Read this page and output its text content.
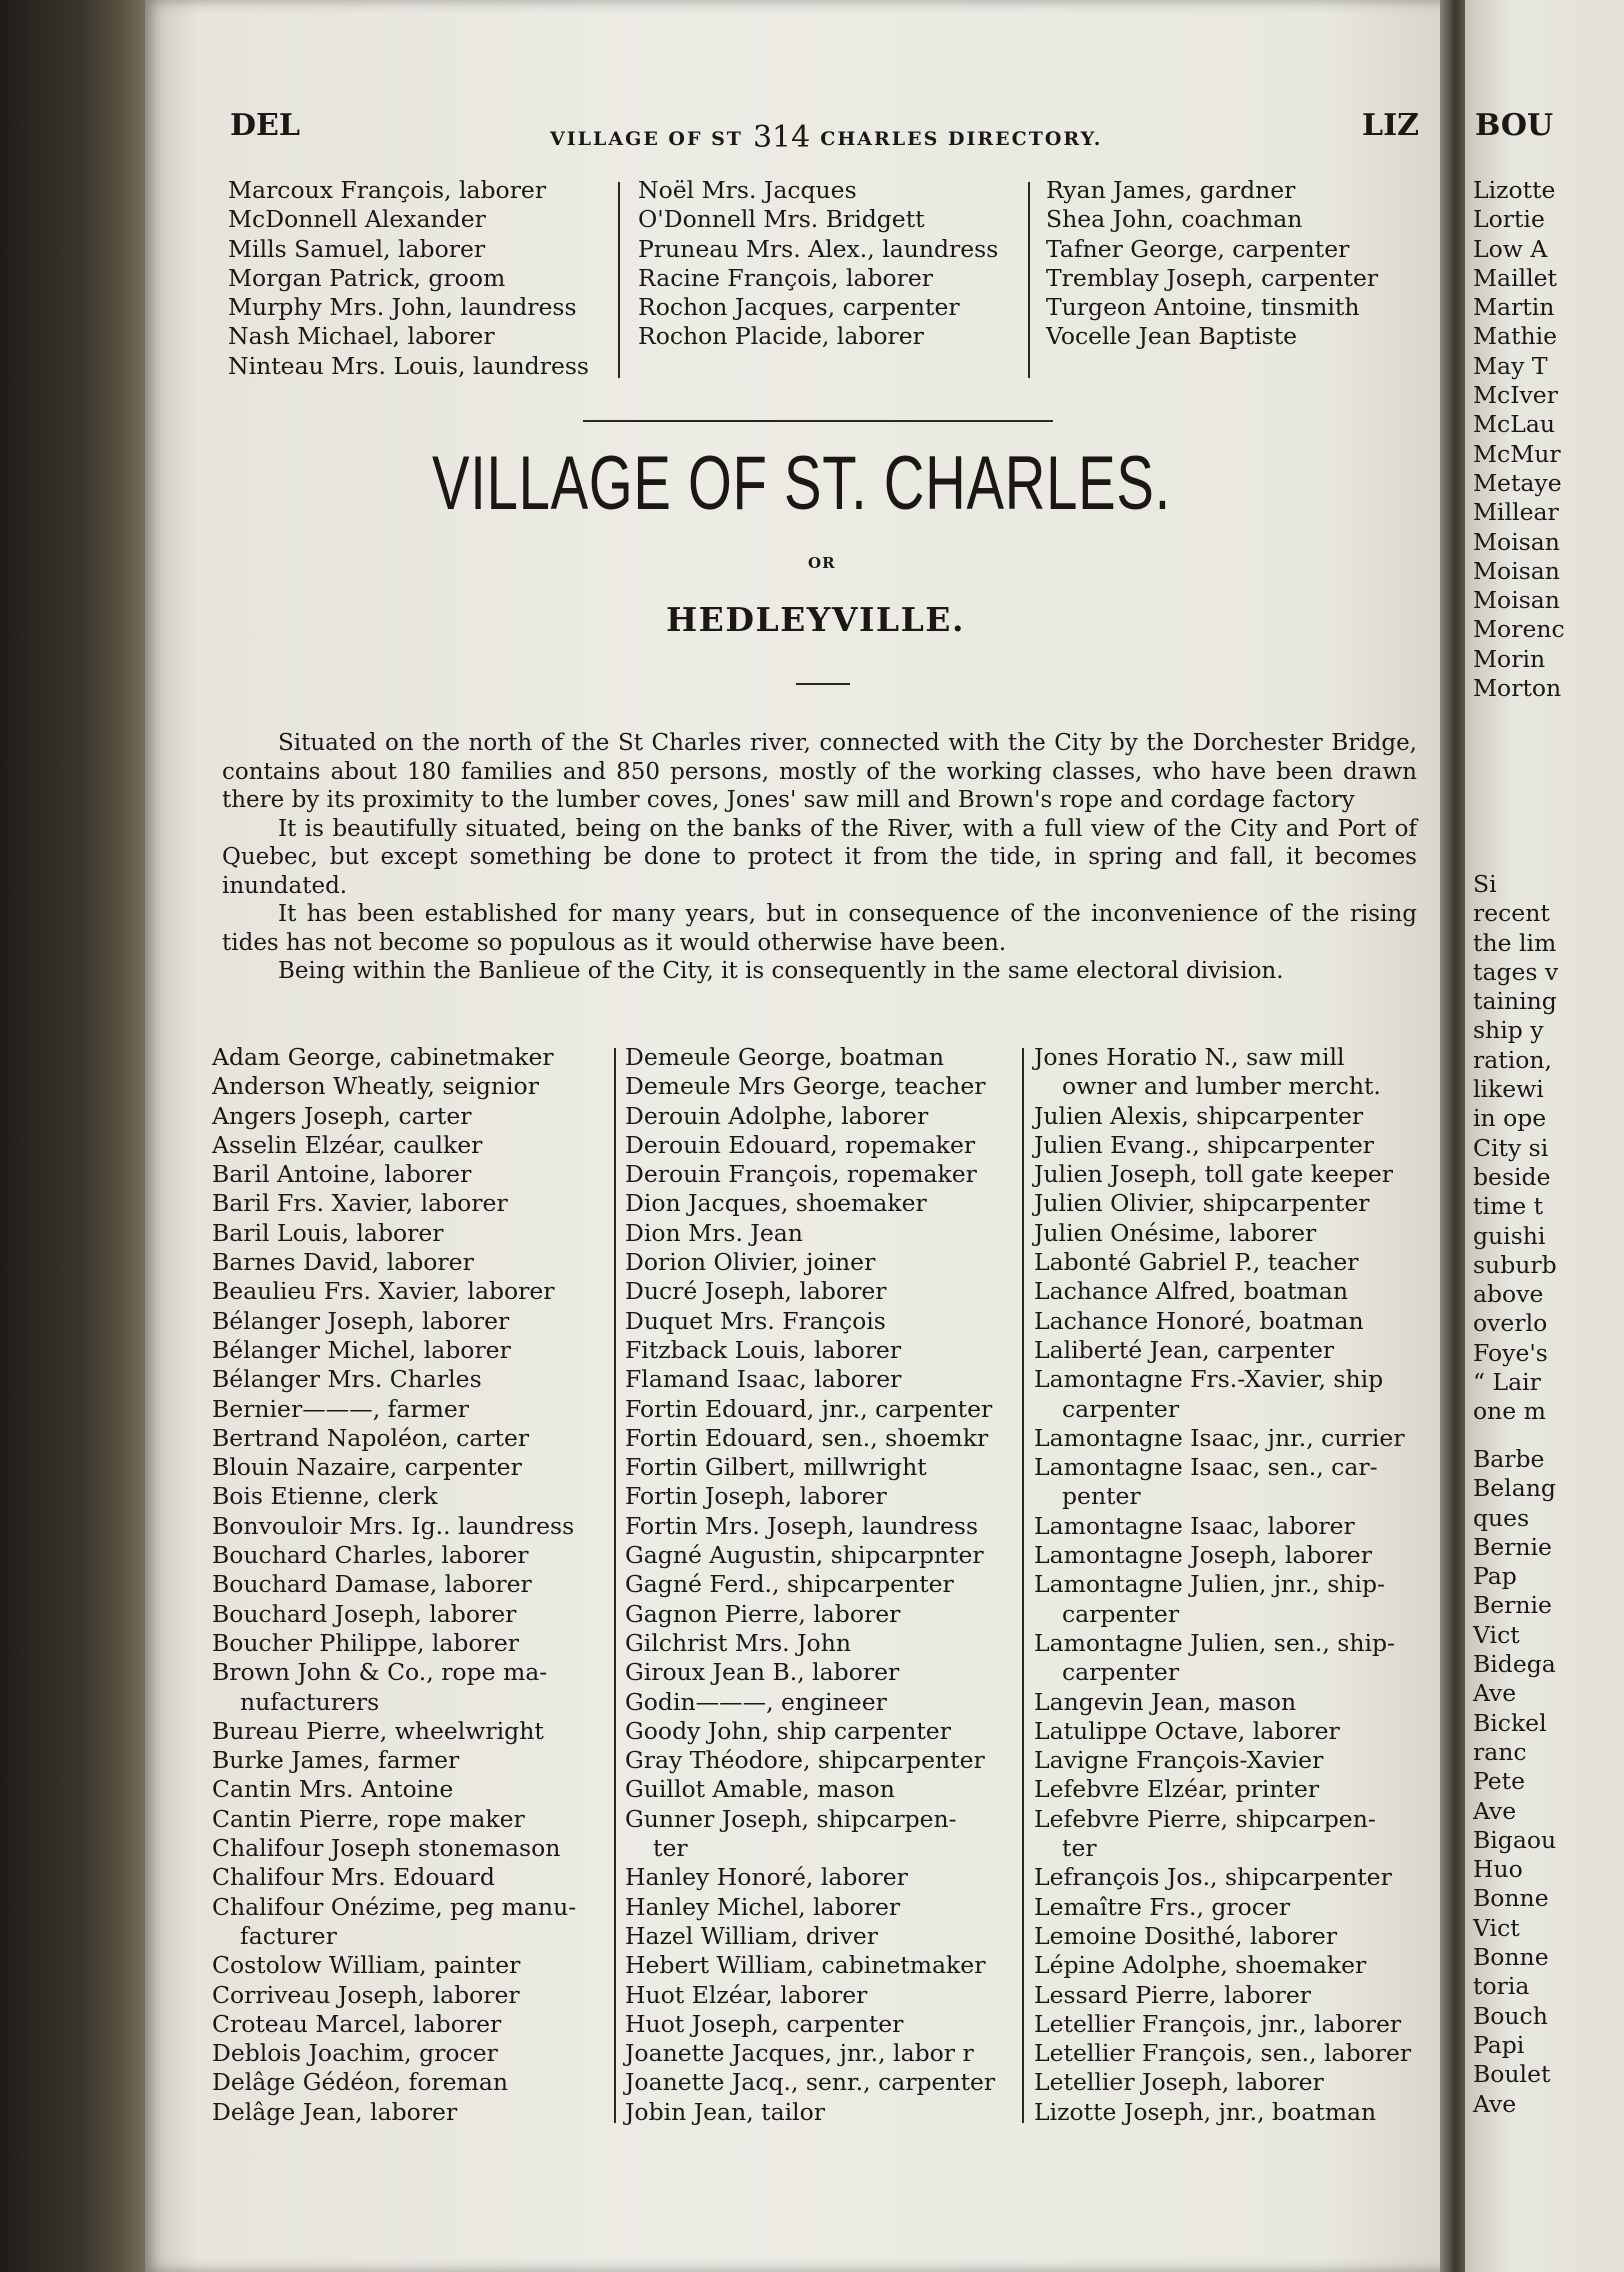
DEL	VILLAGE OF ST 314 CHARLES DIRECTORY.	LIZ
Marcoux François, laborer
McDonnell Alexander
Mills Samuel, laborer
Morgan Patrick, groom
Murphy Mrs. John, laundress
Nash Michael, laborer
Ninteau Mrs. Louis, laundress
Noël Mrs. Jacques
O'Donnell Mrs. Bridgett
Pruneau Mrs. Alex., laundress
Racine François, laborer
Rochon Jacques, carpenter
Rochon Placide, laborer
Ryan James, gardner
Shea John, coachman
Tafner George, carpenter
Tremblay Joseph, carpenter
Turgeon Antoine, tinsmith
Vocelle Jean Baptiste
VILLAGE OF ST. CHARLES.
OR
HEDLEYVILLE.

Situated on the north of the St Charles river, connected with the City by the Dorchester Bridge, contains about 180 families and 850 persons, mostly of the working classes, who have been drawn there by its proximity to the lumber coves, Jones' saw mill and Brown's rope and cordage factory

It is beautifully situated, being on the banks of the River, with a full view of the City and Port of Quebec, but except something be done to protect it from the tide, in spring and fall, it becomes inundated.

It has been established for many years, but in consequence of the inconvenience of the rising tides has not become so populous as it would otherwise have been.

Being within the Banlieue of the City, it is consequently in the same electoral division.

Adam George, cabinetmaker
Anderson Wheatly, seignior
Angers Joseph, carter
Asselin Elzéar, caulker
Baril Antoine, laborer
Baril Frs. Xavier, laborer
Baril Louis, laborer
Barnes David, laborer
Beaulieu Frs. Xavier, laborer
Bélanger Joseph, laborer
Bélanger Michel, laborer
Bélanger Mrs. Charles
Bernier———, farmer
Bertrand Napoléon, carter
Blouin Nazaire, carpenter
Bois Etienne, clerk
Bonvouloir Mrs. Ig.. laundress
Bouchard Charles, laborer
Bouchard Damase, laborer
Bouchard Joseph, laborer
Boucher Philippe, laborer
Brown John & Co., rope ma-
nufacturers
Bureau Pierre, wheelwright
Burke James, farmer
Cantin Mrs. Antoine
Cantin Pierre, rope maker
Chalifour Joseph stonemason
Chalifour Mrs. Edouard
Chalifour Onézime, peg manu-
facturer
Costolow William, painter
Corriveau Joseph, laborer
Croteau Marcel, laborer
Deblois Joachim, grocer
Delâge Gédéon, foreman
Delâge Jean, laborer
Demeule George, boatman
Demeule Mrs George, teacher
Derouin Adolphe, laborer
Derouin Edouard, ropemaker
Derouin François, ropemaker
Dion Jacques, shoemaker
Dion Mrs. Jean
Dorion Olivier, joiner
Ducré Joseph, laborer
Duquet Mrs. François
Fitzback Louis, laborer
Flamand Isaac, laborer
Fortin Edouard, jnr., carpenter
Fortin Edouard, sen., shoemkr
Fortin Gilbert, millwright
Fortin Joseph, laborer
Fortin Mrs. Joseph, laundress
Gagné Augustin, shipcarpnter
Gagné Ferd., shipcarpenter
Gagnon Pierre, laborer
Gilchrist Mrs. John
Giroux Jean B., laborer
Godin———, engineer
Goody John, ship carpenter
Gray Théodore, shipcarpenter
Guillot Amable, mason
Gunner Joseph, shipcarpen-
ter
Hanley Honoré, laborer
Hanley Michel, laborer
Hazel William, driver
Hebert William, cabinetmaker
Huot Elzéar, laborer
Huot Joseph, carpenter
Joanette Jacques, jnr., labor r
Joanette Jacq., senr., carpenter
Jobin Jean, tailor
Jones Horatio N., saw mill
owner and lumber mercht.
Julien Alexis, shipcarpenter
Julien Evang., shipcarpenter
Julien Joseph, toll gate keeper
Julien Olivier, shipcarpenter
Julien Onésime, laborer
Labonté Gabriel P., teacher
Lachance Alfred, boatman
Lachance Honoré, boatman
Laliberté Jean, carpenter
Lamontagne Frs.-Xavier, ship
carpenter
Lamontagne Isaac, jnr., currier
Lamontagne Isaac, sen., car-
penter
Lamontagne Isaac, laborer
Lamontagne Joseph, laborer
Lamontagne Julien, jnr., ship-
carpenter
Lamontagne Julien, sen., ship-
carpenter
Langevin Jean, mason
Latulippe Octave, laborer
Lavigne François-Xavier
Lefebvre Elzéar, printer
Lefebvre Pierre, shipcarpen-
ter
Lefrançois Jos., shipcarpenter
Lemaître Frs., grocer
Lemoine Dosithé, laborer
Lépine Adolphe, shoemaker
Lessard Pierre, laborer
Letellier François, jnr., laborer
Letellier François, sen., laborer
Letellier Joseph, laborer
Lizotte Joseph, jnr., boatman
BOU
Lizotte
Lortie
Low A
Maillet
Martin
Mathie
May T
McIver
McLau
McMur
Metaye
Millear
Moisan
Moisan
Moisan
Morenc
Morin
Morton
Si
recent
the lim
tages v
taining
ship y
ration,
likewi
in ope
City si
beside
time t
guishi
suburb
above
overlo
Foye's
“ Lair
one m
Barbe
Belang
ques
Bernie
Pap
Bernie
Vict
Bidega
Ave
Bickel
ranc
Pete
Ave
Bigaou
Huo
Bonne
Vict
Bonne
toria
Bouch
Papi
Boulet
Ave
